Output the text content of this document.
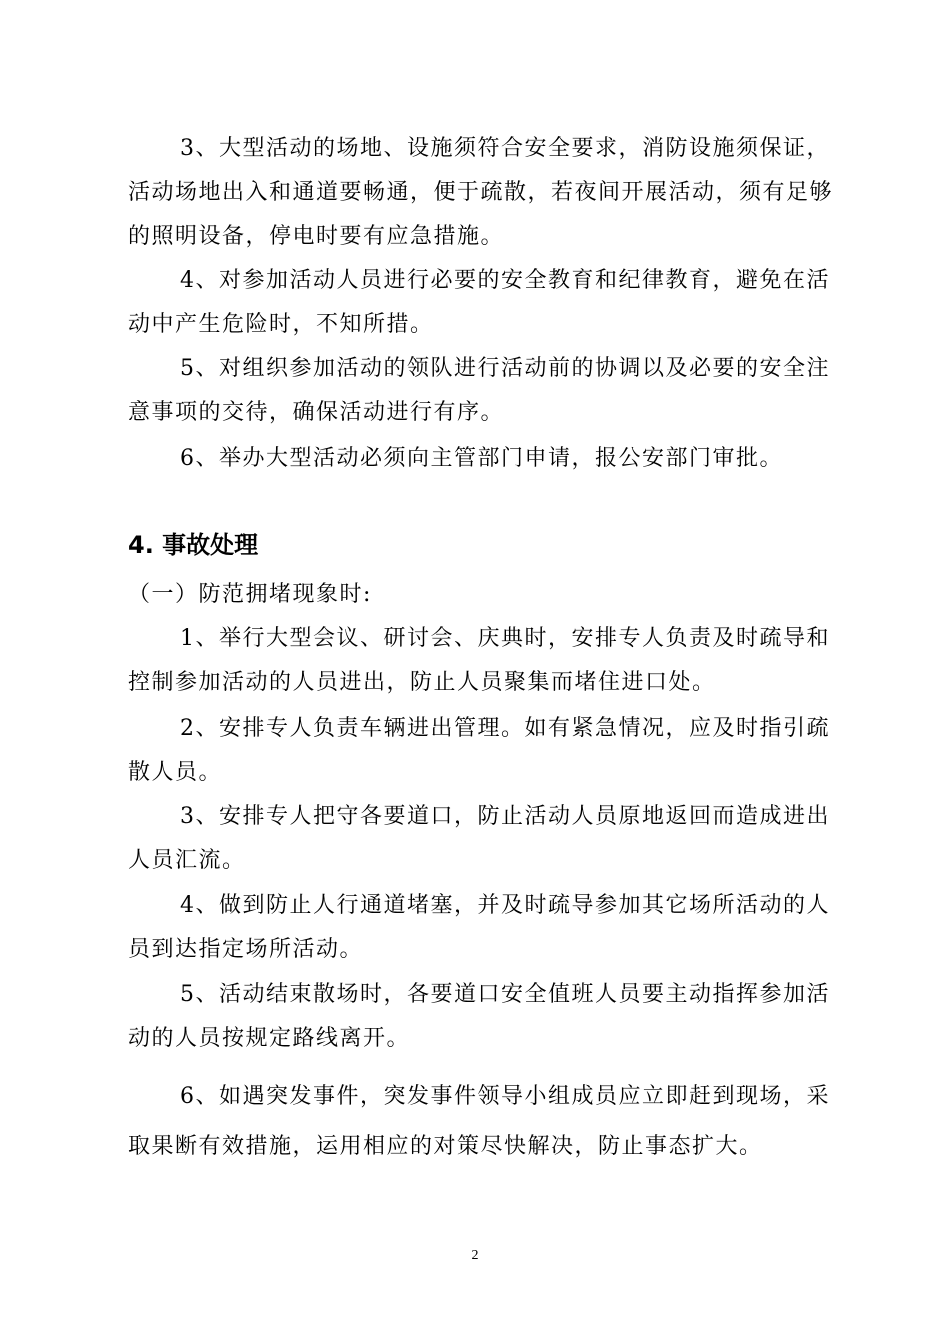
3、大型活动的场地、设施须符合安全要求，消防设施须保证，活动场地出入和通道要畅通，便于疏散，若夜间开展活动，须有足够的照明设备，停电时要有应急措施。

4、对参加活动人员进行必要的安全教育和纪律教育，避免在活动中产生危险时，不知所措。

5、对组织参加活动的领队进行活动前的协调以及必要的安全注意事项的交待，确保活动进行有序。

6、举办大型活动必须向主管部门申请，报公安部门审批。

4. 事故处理

（一）防范拥堵现象时:

1、举行大型会议、研讨会、庆典时，安排专人负责及时疏导和控制参加活动的人员进出，防止人员聚集而堵住进口处。

2、安排专人负责车辆进出管理。如有紧急情况，应及时指引疏散人员。

3、安排专人把守各要道口，防止活动人员原地返回而造成进出人员汇流。

4、做到防止人行通道堵塞，并及时疏导参加其它场所活动的人员到达指定场所活动。

5、活动结束散场时，各要道口安全值班人员要主动指挥参加活动的人员按规定路线离开。

6、如遇突发事件，突发事件领导小组成员应立即赶到现场，采取果断有效措施，运用相应的对策尽快解决，防止事态扩大。

2
